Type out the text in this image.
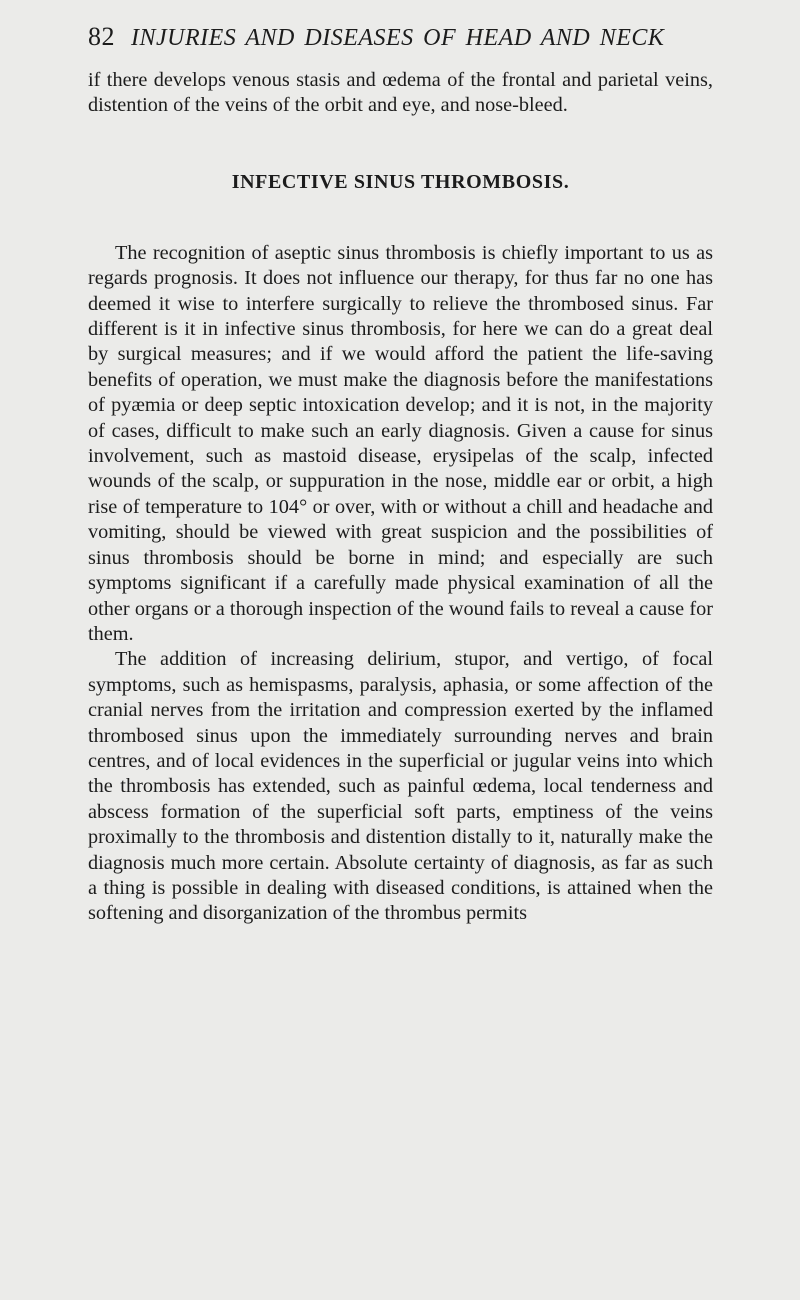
82 INJURIES AND DISEASES OF HEAD AND NECK

if there develops venous stasis and œdema of the frontal and parietal veins, distention of the veins of the orbit and eye, and nose-bleed.

INFECTIVE SINUS THROMBOSIS.

The recognition of aseptic sinus thrombosis is chiefly important to us as regards prognosis. It does not influence our therapy, for thus far no one has deemed it wise to interfere surgically to relieve the thrombosed sinus. Far different is it in infective sinus thrombosis, for here we can do a great deal by surgical measures; and if we would afford the patient the life-saving benefits of operation, we must make the diagnosis before the manifestations of pyæmia or deep septic intoxication develop; and it is not, in the majority of cases, difficult to make such an early diagnosis. Given a cause for sinus involvement, such as mastoid disease, erysipelas of the scalp, infected wounds of the scalp, or suppuration in the nose, middle ear or orbit, a high rise of temperature to 104° or over, with or without a chill and headache and vomiting, should be viewed with great suspicion and the possibilities of sinus thrombosis should be borne in mind; and especially are such symptoms significant if a carefully made physical examination of all the other organs or a thorough inspection of the wound fails to reveal a cause for them.

The addition of increasing delirium, stupor, and vertigo, of focal symptoms, such as hemispasms, paralysis, aphasia, or some affection of the cranial nerves from the irritation and compression exerted by the inflamed thrombosed sinus upon the immediately surrounding nerves and brain centres, and of local evidences in the superficial or jugular veins into which the thrombosis has extended, such as painful œdema, local tenderness and abscess formation of the superficial soft parts, emptiness of the veins proximally to the thrombosis and distention distally to it, naturally make the diagnosis much more certain. Absolute certainty of diagnosis, as far as such a thing is possible in dealing with diseased conditions, is attained when the softening and disorganization of the thrombus permits
